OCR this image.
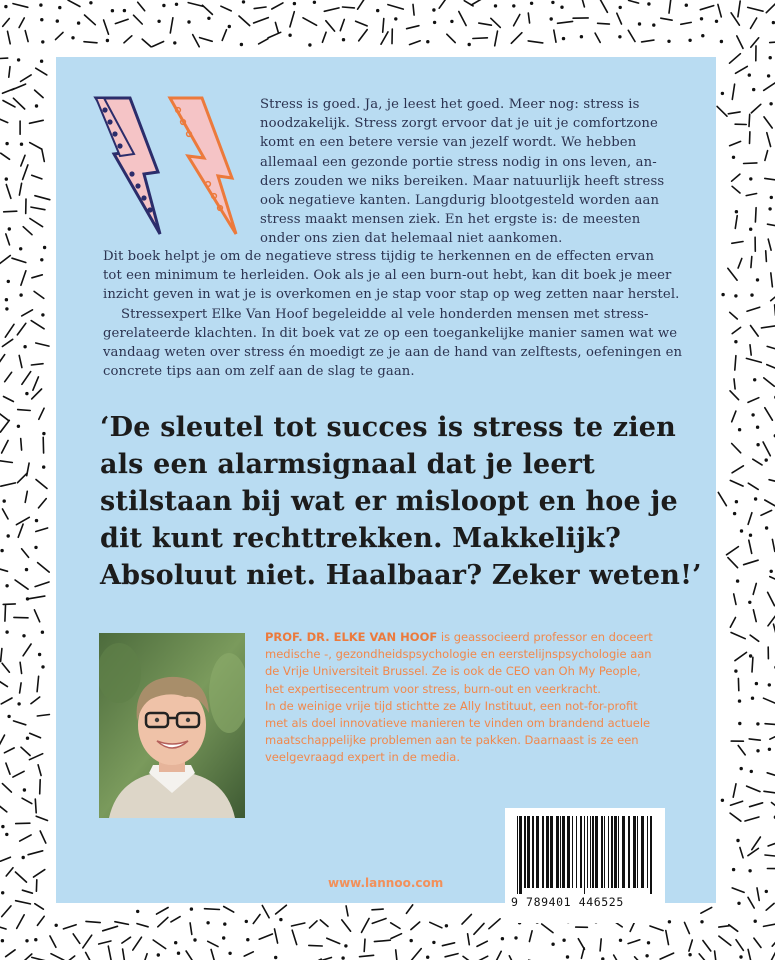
Stress is goed. Ja, je leest het goed. Meer nog: stress is

noodzakelijk. Stress zorgt ervoor dat je uit je comfortzone

komt en een betere versie van jezelf wordt. We hebben

allemaal een gezonde portie stress nodig in ons leven, an-

ders zouden we niks bereiken. Maar natuurlijk heeft stress

ook negatieve kanten. Langdurig blootgesteld worden aan

stress maakt mensen ziek. En het ergste is: de meesten

onder ons zien dat helemaal niet aankomen.

Dit boek helpt je om de negatieve stress tijdig te herkennen en de effecten ervan

tot een minimum te herleiden. Ook als je al een burn-out hebt, kan dit boek je meer

inzicht geven in wat je is overkomen en je stap voor stap op weg zetten naar herstel.

Stressexpert Elke Van Hoof begeleidde al vele honderden mensen met stress-

gerelateerde klachten. In dit boek vat ze op een toegankelijke manier samen wat we

vandaag weten over stress én moedigt ze je aan de hand van zelftests, oefeningen en

concrete tips aan om zelf aan de slag te gaan.

‘De sleutel tot succes is stress te zien

als een alarmsignaal dat je leert

stilstaan bij wat er misloopt en hoe je

dit kunt rechttrekken. Makkelijk?

Absoluut niet. Haalbaar? Zeker weten!’

PROF. DR. ELKE VAN HOOF is geassocieerd professor en doceert

medische -, gezondheidspsychologie en eerstelijnspsychologie aan

de Vrije Universiteit Brussel. Ze is ook de CEO van Oh My People,

het expertisecentrum voor stress, burn-out en veerkracht.

In de weinige vrije tijd stichtte ze Ally Instituut, een not-for-profit

met als doel innovatieve manieren te vinden om brandend actuele

maatschappelijke problemen aan te pakken. Daarnaast is ze een

veelgevraagd expert in de media.

www.lannoo.com
9 789401 446525
